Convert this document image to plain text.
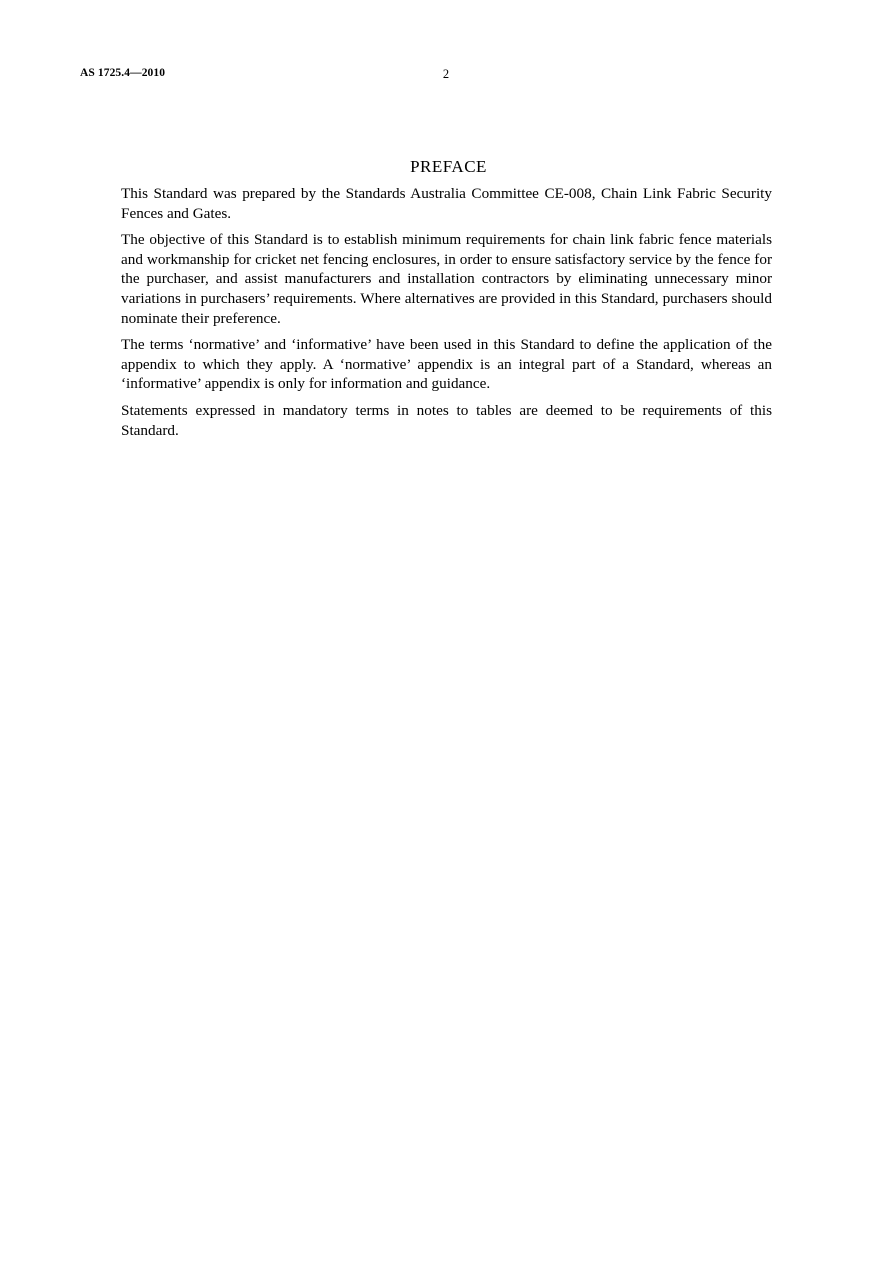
AS 1725.4—2010	2
PREFACE

This Standard was prepared by the Standards Australia Committee CE-008, Chain Link Fabric Security Fences and Gates.

The objective of this Standard is to establish minimum requirements for chain link fabric fence materials and workmanship for cricket net fencing enclosures, in order to ensure satisfactory service by the fence for the purchaser, and assist manufacturers and installation contractors by eliminating unnecessary minor variations in purchasers’ requirements. Where alternatives are provided in this Standard, purchasers should nominate their preference.

The terms ‘normative’ and ‘informative’ have been used in this Standard to define the application of the appendix to which they apply. A ‘normative’ appendix is an integral part of a Standard, whereas an ‘informative’ appendix is only for information and guidance.

Statements expressed in mandatory terms in notes to tables are deemed to be requirements of this Standard.
